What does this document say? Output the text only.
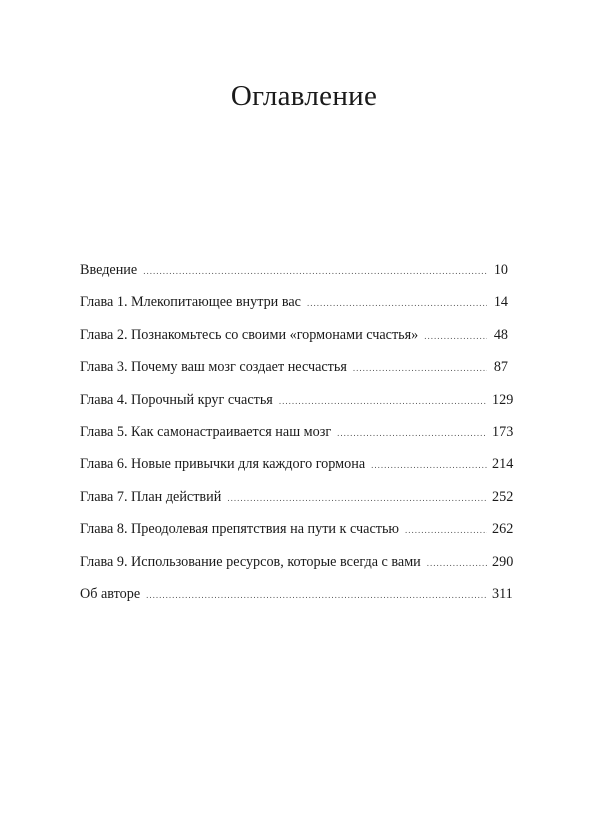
Оглавление
Введение .....	10
Глава 1. Млекопитающее внутри вас .....	14
Глава 2. Познакомьтесь со своими «гормонами счастья» .....	48
Глава 3. Почему ваш мозг создает несчастья .....	87
Глава 4. Порочный круг счастья .....	129
Глава 5. Как самонастраивается наш мозг .....	173
Глава 6. Новые привычки для каждого гормона .....	214
Глава 7. План действий .....	252
Глава 8. Преодолевая препятствия на пути к счастью .....	262
Глава 9. Использование ресурсов, которые всегда с вами .....	290
Об авторе .....	311
